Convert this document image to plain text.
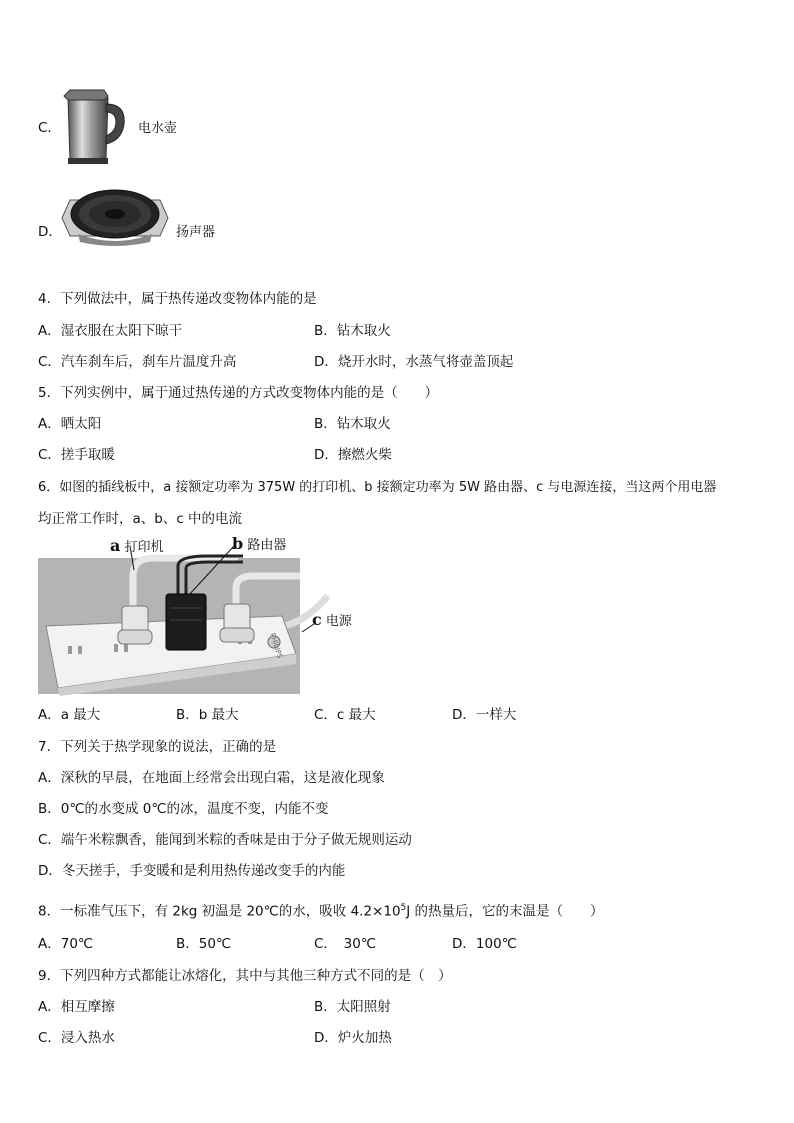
C．	电水壶
D．	扬声器
4．下列做法中，属于热传递改变物体内能的是
A．湿衣服在太阳下晾干	B．钻木取火
C．汽车刹车后，刹车片温度升高	D．烧开水时，水蒸气将壶盖顶起
5．下列实例中，属于通过热传递的方式改变物体内能的是（　　）
A．晒太阳	B．钻木取火
C．搓手取暖	D．擦燃火柴
6．如图的插线板中，a 接额定功率为 375W 的打印机、b 接额定功率为 5W 路由器、c 与电源连接，当这两个用电器
均正常工作时，a、b、c 中的电流
PHILIPS
a 打印机	b 路由器
c 电源
A．a 最大	B．b 最大	C．c 最大	D．一样大
7．下列关于热学现象的说法，正确的是
A．深秋的早晨，在地面上经常会出现白霜，这是液化现象
B．0℃的水变成 0℃的冰，温度不变，内能不变
C．端午米粽飘香，能闻到米粽的香味是由于分子做无规则运动
D．冬天搓手，手变暖和是利用热传递改变手的内能
8．一标准气压下，有 2kg 初温是 20℃的水，吸收 $4.2\times 10^5J$ 的热量后，它的末温是（　　）
A．70℃	B．50℃	C．　30℃	D．100℃
9．下列四种方式都能让冰熔化，其中与其他三种方式不同的是（　）
A．相互摩擦	B．太阳照射
C．浸入热水	D．炉火加热
